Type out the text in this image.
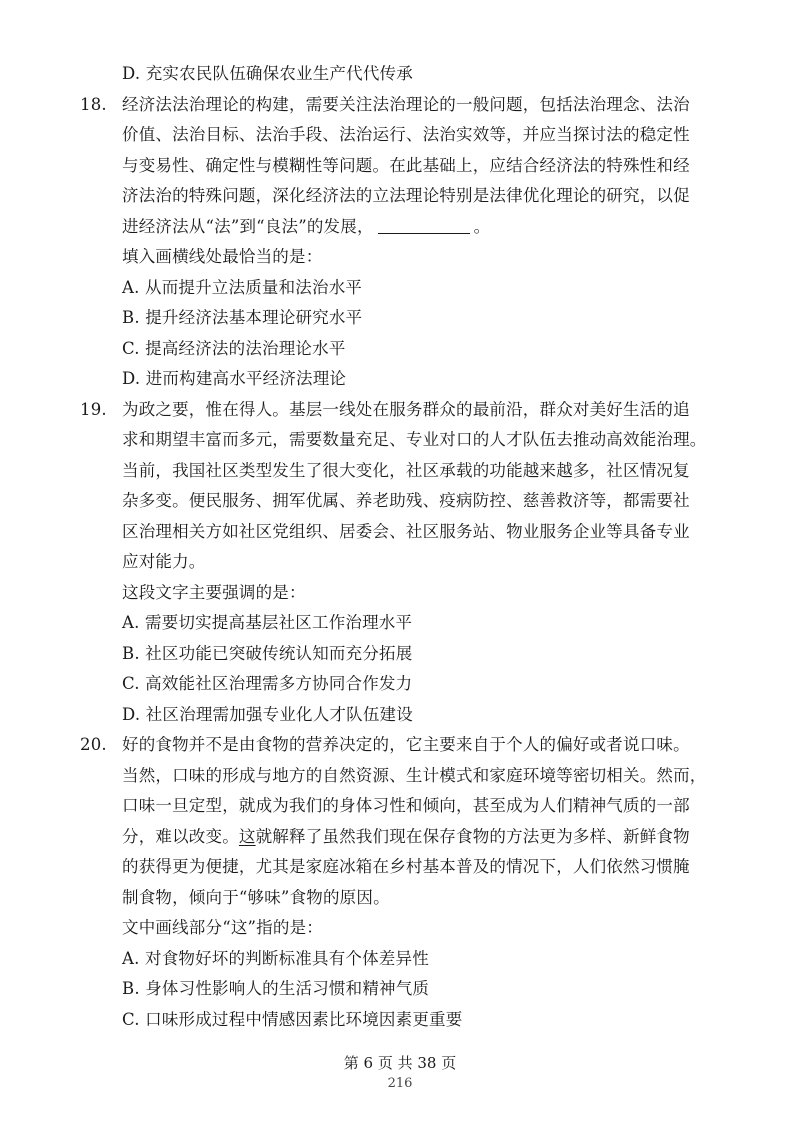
D. 充实农民队伍确保农业生产代代传承
18. 经济法法治理论的构建，需要关注法治理论的一般问题，包括法治理念、法治
价值、法治目标、法治手段、法治运行、法治实效等，并应当探讨法的稳定性
与变易性、确定性与模糊性等问题。在此基础上，应结合经济法的特殊性和经
济法治的特殊问题，深化经济法的立法理论特别是法律优化理论的研究，以促
进经济法从“法”到“良法”的发展，	。
填入画横线处最恰当的是：
A. 从而提升立法质量和法治水平
B. 提升经济法基本理论研究水平
C. 提高经济法的法治理论水平
D. 进而构建高水平经济法理论
19. 为政之要，惟在得人。基层一线处在服务群众的最前沿，群众对美好生活的追
求和期望丰富而多元，需要数量充足、专业对口的人才队伍去推动高效能治理。
当前，我国社区类型发生了很大变化，社区承载的功能越来越多，社区情况复
杂多变。便民服务、拥军优属、养老助残、疫病防控、慈善救济等，都需要社
区治理相关方如社区党组织、居委会、社区服务站、物业服务企业等具备专业
应对能力。
这段文字主要强调的是：
A. 需要切实提高基层社区工作治理水平
B. 社区功能已突破传统认知而充分拓展
C. 高效能社区治理需多方协同合作发力
D. 社区治理需加强专业化人才队伍建设
20. 好的食物并不是由食物的营养决定的，它主要来自于个人的偏好或者说口味。
当然，口味的形成与地方的自然资源、生计模式和家庭环境等密切相关。然而，
口味一旦定型，就成为我们的身体习性和倾向，甚至成为人们精神气质的一部
分，难以改变。这就解释了虽然我们现在保存食物的方法更为多样、新鲜食物
的获得更为便捷，尤其是家庭冰箱在乡村基本普及的情况下，人们依然习惯腌
制食物，倾向于“够味”食物的原因。
文中画线部分“这”指的是：
A. 对食物好坏的判断标准具有个体差异性
B. 身体习性影响人的生活习惯和精神气质
C. 口味形成过程中情感因素比环境因素更重要
第 6 页 共 38 页
216
